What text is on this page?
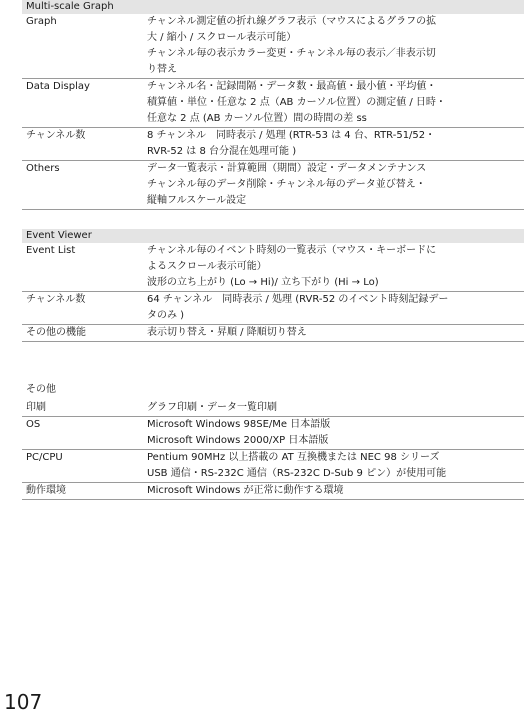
Multi-scale Graph
Graph	チャンネル測定値の折れ線グラフ表示（マウスによるグラフの拡
大 / 縮小 / スクロール表示可能）
チャンネル毎の表示カラー変更・チャンネル毎の表示／非表示切
り替え
Data Display	チャンネル名・記録間隔・データ数・最高値・最小値・平均値・
積算値・単位・任意な 2 点（AB カーソル位置）の測定値 / 日時・
任意な 2 点 (AB カーソル位置）間の時間の差 ss
チャンネル数	8 チャンネル　同時表示 / 処理 (RTR-53 は 4 台、RTR-51/52・
RVR-52 は 8 台分混在処理可能 )
Others	データ一覧表示・計算範囲（期間）設定・データメンテナンス
チャンネル毎のデータ削除・チャンネル毎のデータ並び替え・
縦軸フルスケール設定
Event Viewer
Event List	チャンネル毎のイベント時刻の一覧表示（マウス・キーボードに
よるスクロール表示可能）
波形の立ち上がり (Lo → Hi)/ 立ち下がり (Hi → Lo)
チャンネル数	64 チャンネル　同時表示 / 処理 (RVR-52 のイベント時刻記録デー
タのみ )
その他の機能	表示切り替え・昇順 / 降順切り替え
その他
印刷	グラフ印刷・データ一覧印刷
OS	Microsoft Windows 98SE/Me 日本語版
Microsoft Windows 2000/XP 日本語版
PC/CPU	Pentium 90MHz 以上搭載の AT 互換機または NEC 98 シリーズ
USB 通信・RS-232C 通信（RS-232C D-Sub 9 ピン）が使用可能
動作環境	Microsoft Windows が正常に動作する環境
107
